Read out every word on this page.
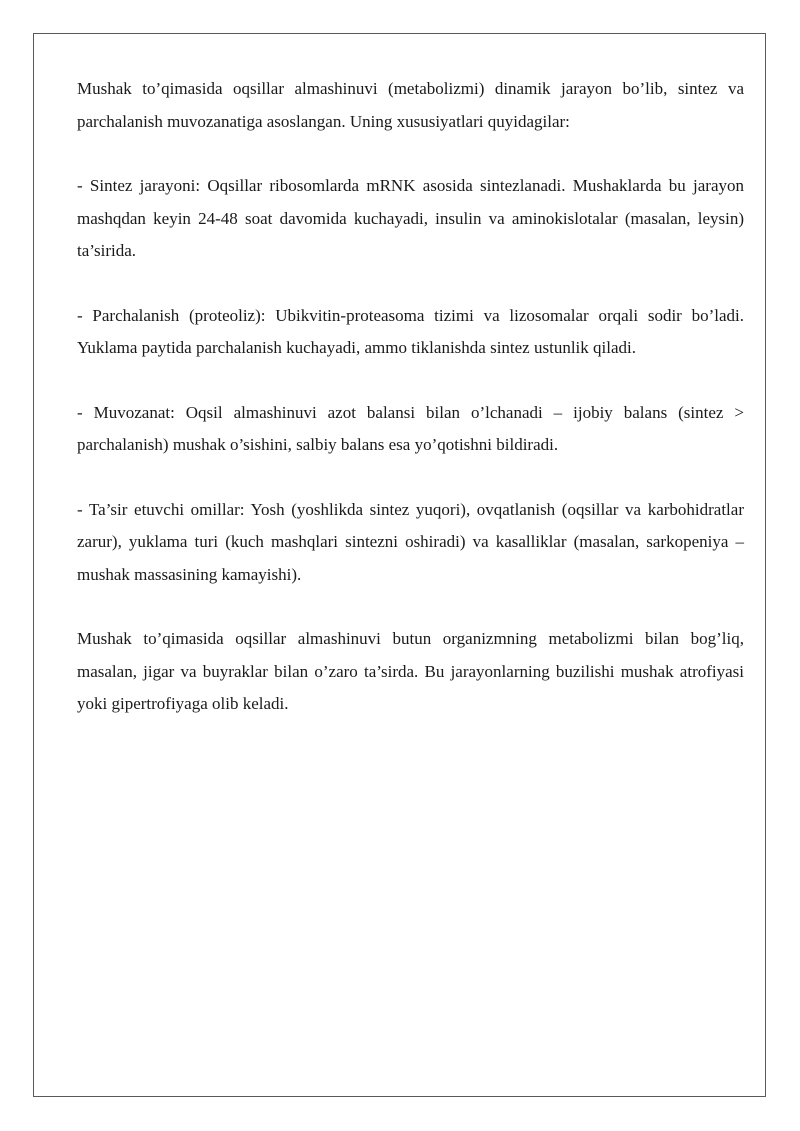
Mushak to’qimasida oqsillar almashinuvi (metabolizmi) dinamik jarayon bo’lib, sintez va parchalanish muvozanatiga asoslangan. Uning xususiyatlari quyidagilar:

- Sintez jarayoni: Oqsillar ribosomlarda mRNK asosida sintezlanadi. Mushaklarda bu jarayon mashqdan keyin 24-48 soat davomida kuchayadi, insulin va aminokislotalar (masalan, leysin) ta’sirida.

- Parchalanish (proteoliz): Ubikvitin-proteasoma tizimi va lizosomalar orqali sodir bo’ladi. Yuklama paytida parchalanish kuchayadi, ammo tiklanishda sintez ustunlik qiladi.

- Muvozanat: Oqsil almashinuvi azot balansi bilan o’lchanadi – ijobiy balans (sintez > parchalanish) mushak o’sishini, salbiy balans esa yo’qotishni bildiradi.

- Ta’sir etuvchi omillar: Yosh (yoshlikda sintez yuqori), ovqatlanish (oqsillar va karbohidratlar zarur), yuklama turi (kuch mashqlari sintezni oshiradi) va kasalliklar (masalan, sarkopeniya – mushak massasining kamayishi).

Mushak to’qimasida oqsillar almashinuvi butun organizmning metabolizmi bilan bog’liq, masalan, jigar va buyraklar bilan o’zaro ta’sirda. Bu jarayonlarning buzilishi mushak atrofiyasi yoki gipertrofiyaga olib keladi.
